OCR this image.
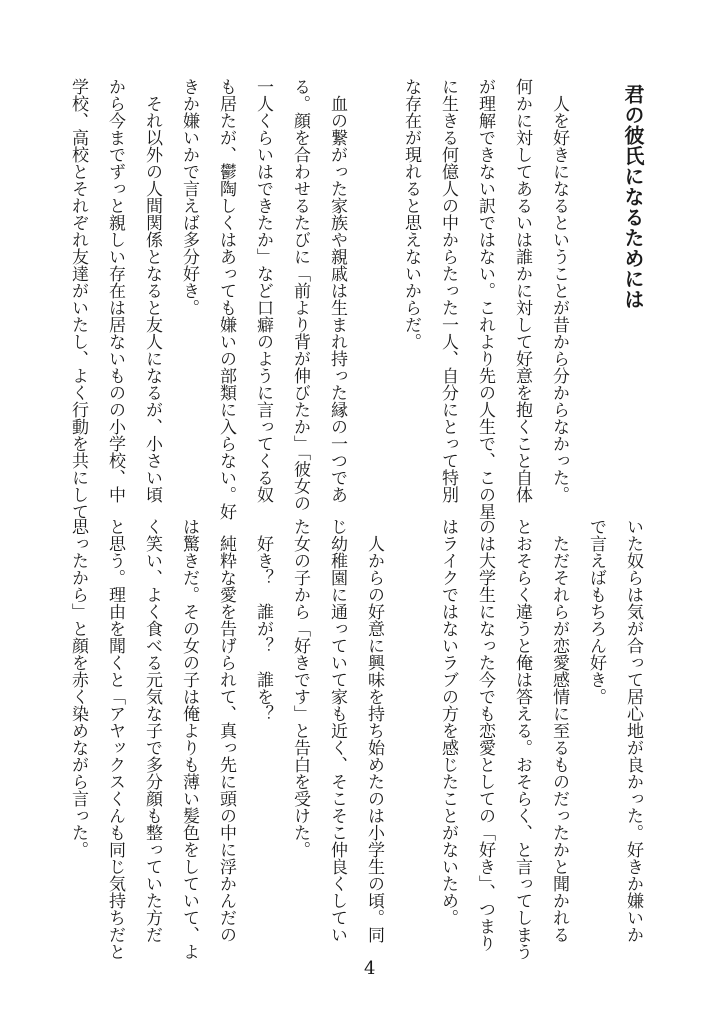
君の彼氏になるためには
　人を好きになるということが昔から分からなかった。
何かに対してあるいは誰かに対して好意を抱くこと自体
が理解できない訳ではない。これより先の人生で、この星
に生きる何億人の中からたった一人、自分にとって特別
な存在が現れると思えないからだ。
　血の繋がった家族や親戚は生まれ持った縁の一つであ
る。顔を合わせるたびに「前より背が伸びたか」「彼女の
一人くらいはできたか」など口癖のように言ってくる奴
も居たが、鬱陶しくはあっても嫌いの部類に入らない。好
きか嫌いかで言えば多分好き。
　それ以外の人間関係となると友人になるが、小さい頃
から今までずっと親しい存在は居ないものの小学校、中
学校、高校とそれぞれ友達がいたし、よく行動を共にして
いた奴らは気が合って居心地が良かった。好きか嫌いか
で言えばもちろん好き。
　ただそれらが恋愛感情に至るものだったかと聞かれる
とおそらく違うと俺は答える。おそらく、と言ってしまう
のは大学生になった今でも恋愛としての「好き」、つまり
はライクではないラブの方を感じたことがないため。
　人からの好意に興味を持ち始めたのは小学生の頃。同
じ幼稚園に通っていて家も近く、そこそこ仲良くしてい
た女の子から「好きです」と告白を受けた。
　好き？　誰が？　誰を？
　純粋な愛を告げられて、真っ先に頭の中に浮かんだの
は驚きだ。その女の子は俺よりも薄い髪色をしていて、よ
く笑い、よく食べる元気な子で多分顔も整っていた方だ
と思う。理由を聞くと「アヤックスくんも同じ気持ちだと
思ったから」と顔を赤く染めながら言った。
4
